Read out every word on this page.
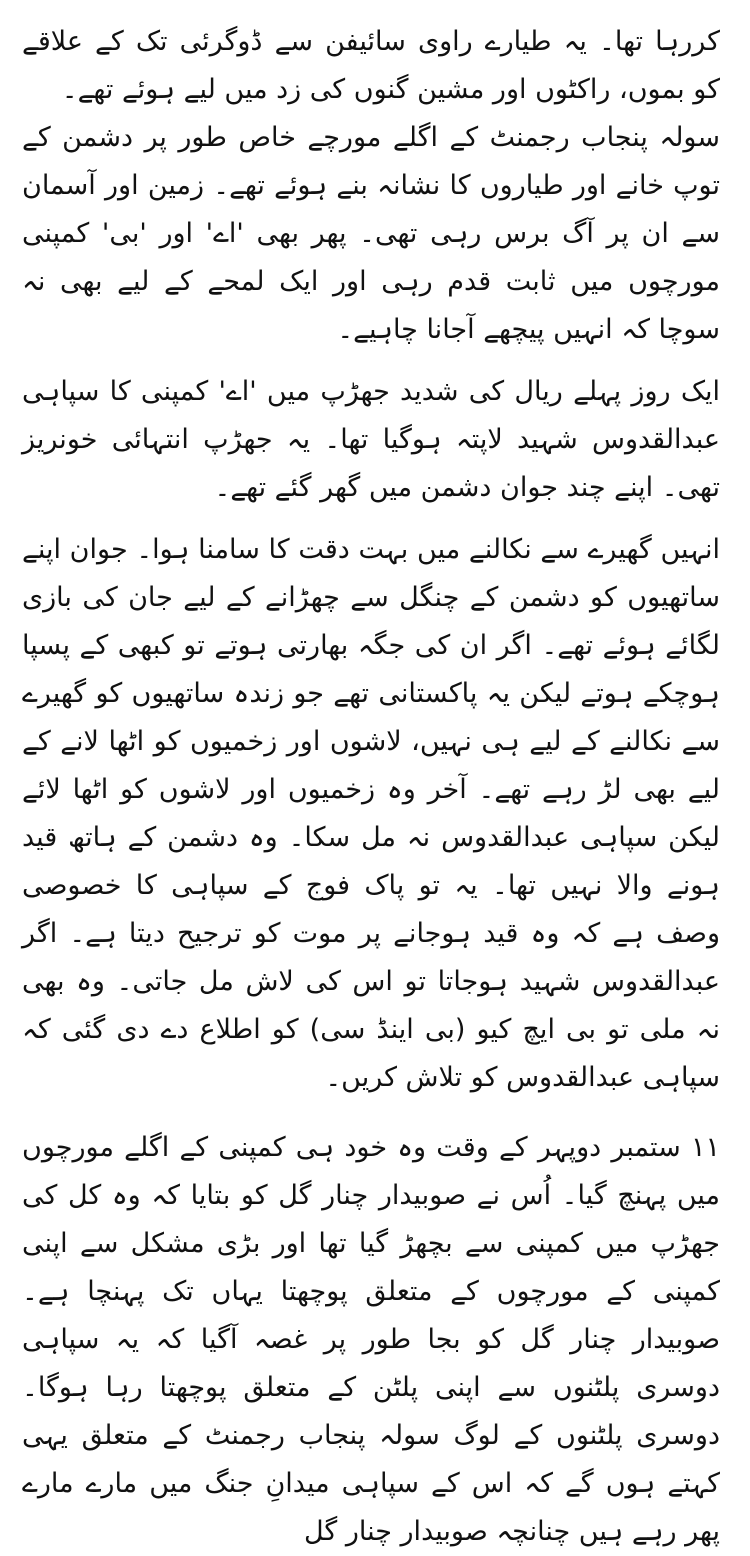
کررہا تھا۔ یہ طیارے راوی سائیفن سے ڈوگرئی تک کے علاقے کو بموں، راکٹوں اور مشین گنوں کی زد میں لیے ہوئے تھے۔

سولہ پنجاب رجمنٹ کے اگلے مورچے خاص طور پر دشمن کے توپ خانے اور طیاروں کا نشانہ بنے ہوئے تھے۔ زمین اور آسمان سے ان پر آگ برس رہی تھی۔ پھر بھی 'اے' اور 'بی' کمپنی مورچوں میں ثابت قدم رہی اور ایک لمحے کے لیے بھی نہ سوچا کہ انہیں پیچھے آجانا چاہیے۔

ایک روز پہلے ریال کی شدید جھڑپ میں 'اے' کمپنی کا سپاہی عبدالقدوس شہید لاپتہ ہوگیا تھا۔ یہ جھڑپ انتہائی خونریز تھی۔ اپنے چند جوان دشمن میں گھر گئے تھے۔

انہیں گھیرے سے نکالنے میں بہت دقت کا سامنا ہوا۔ جوان اپنے ساتھیوں کو دشمن کے چنگل سے چھڑانے کے لیے جان کی بازی لگائے ہوئے تھے۔ اگر ان کی جگہ بھارتی ہوتے تو کبھی کے پسپا ہوچکے ہوتے لیکن یہ پاکستانی تھے جو زندہ ساتھیوں کو گھیرے سے نکالنے کے لیے ہی نہیں، لاشوں اور زخمیوں کو اٹھا لانے کے لیے بھی لڑ رہے تھے۔ آخر وہ زخمیوں اور لاشوں کو اٹھا لائے لیکن سپاہی عبدالقدوس نہ مل سکا۔ وہ دشمن کے ہاتھ قید ہونے والا نہیں تھا۔ یہ تو پاک فوج کے سپاہی کا خصوصی وصف ہے کہ وہ قید ہوجانے پر موت کو ترجیح دیتا ہے۔ اگر عبدالقدوس شہید ہوجاتا تو اس کی لاش مل جاتی۔ وہ بھی نہ ملی تو بی ایچ کیو (بی اینڈ سی) کو اطلاع دے دی گئی کہ سپاہی عبدالقدوس کو تلاش کریں۔

۱۱ ستمبر دوپہر کے وقت وہ خود ہی کمپنی کے اگلے مورچوں میں پہنچ گیا۔ اُس نے صوبیدار چنار گل کو بتایا کہ وہ کل کی جھڑپ میں کمپنی سے بچھڑ گیا تھا اور بڑی مشکل سے اپنی کمپنی کے مورچوں کے متعلق پوچھتا یہاں تک پہنچا ہے۔ صوبیدار چنار گل کو بجا طور پر غصہ آگیا کہ یہ سپاہی دوسری پلٹنوں سے اپنی پلٹن کے متعلق پوچھتا رہا ہوگا۔ دوسری پلٹنوں کے لوگ سولہ پنجاب رجمنٹ کے متعلق یہی کہتے ہوں گے کہ اس کے سپاہی میدانِ جنگ میں مارے مارے پھر رہے ہیں چنانچہ صوبیدار چنار گل
